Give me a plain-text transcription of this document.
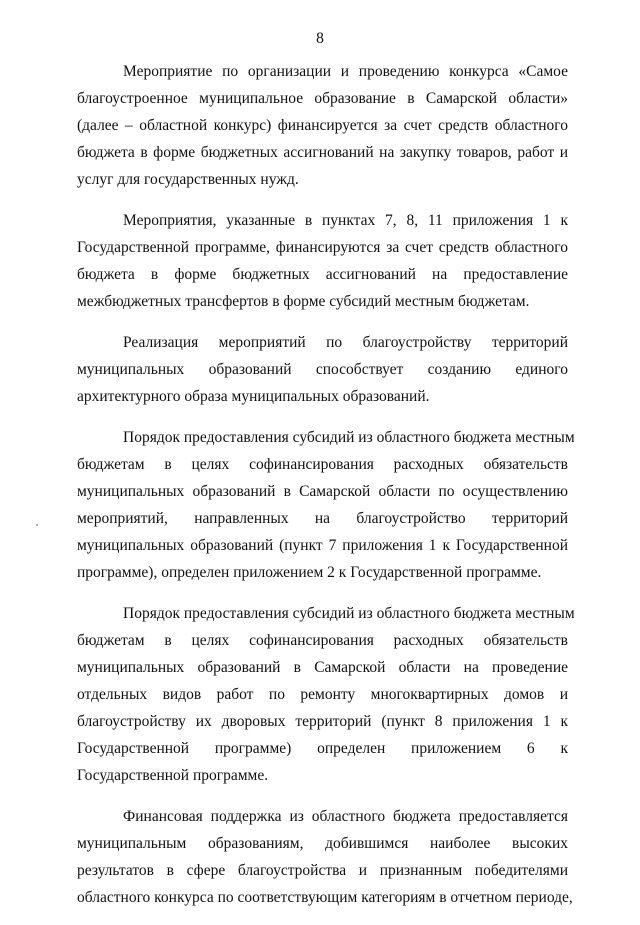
8
Мероприятие по организации и проведению конкурса «Самое
благоустроенное муниципальное образование в Самарской области»
(далее – областной конкурс) финансируется за счет средств областного
бюджета в форме бюджетных ассигнований на закупку товаров, работ и
услуг для государственных нужд.
Мероприятия, указанные в пунктах 7, 8, 11 приложения 1 к
Государственной программе, финансируются за счет средств областного
бюджета в форме бюджетных ассигнований на предоставление
межбюджетных трансфертов в форме субсидий местным бюджетам.
Реализация мероприятий по благоустройству территорий
муниципальных образований способствует созданию единого
архитектурного образа муниципальных образований.
Порядок предоставления субсидий из областного бюджета местным
бюджетам в целях софинансирования расходных обязательств
муниципальных образований в Самарской области по осуществлению
мероприятий, направленных на благоустройство территорий
муниципальных образований (пункт 7 приложения 1 к Государственной
программе), определен приложением 2 к Государственной программе.
Порядок предоставления субсидий из областного бюджета местным
бюджетам в целях софинансирования расходных обязательств
муниципальных образований в Самарской области на проведение
отдельных видов работ по ремонту многоквартирных домов и
благоустройству их дворовых территорий (пункт 8 приложения 1 к
Государственной программе) определен приложением 6 к
Государственной программе.
Финансовая поддержка из областного бюджета предоставляется
муниципальным образованиям, добившимся наиболее высоких
результатов в сфере благоустройства и признанным победителями
областного конкурса по соответствующим категориям в отчетном периоде,
